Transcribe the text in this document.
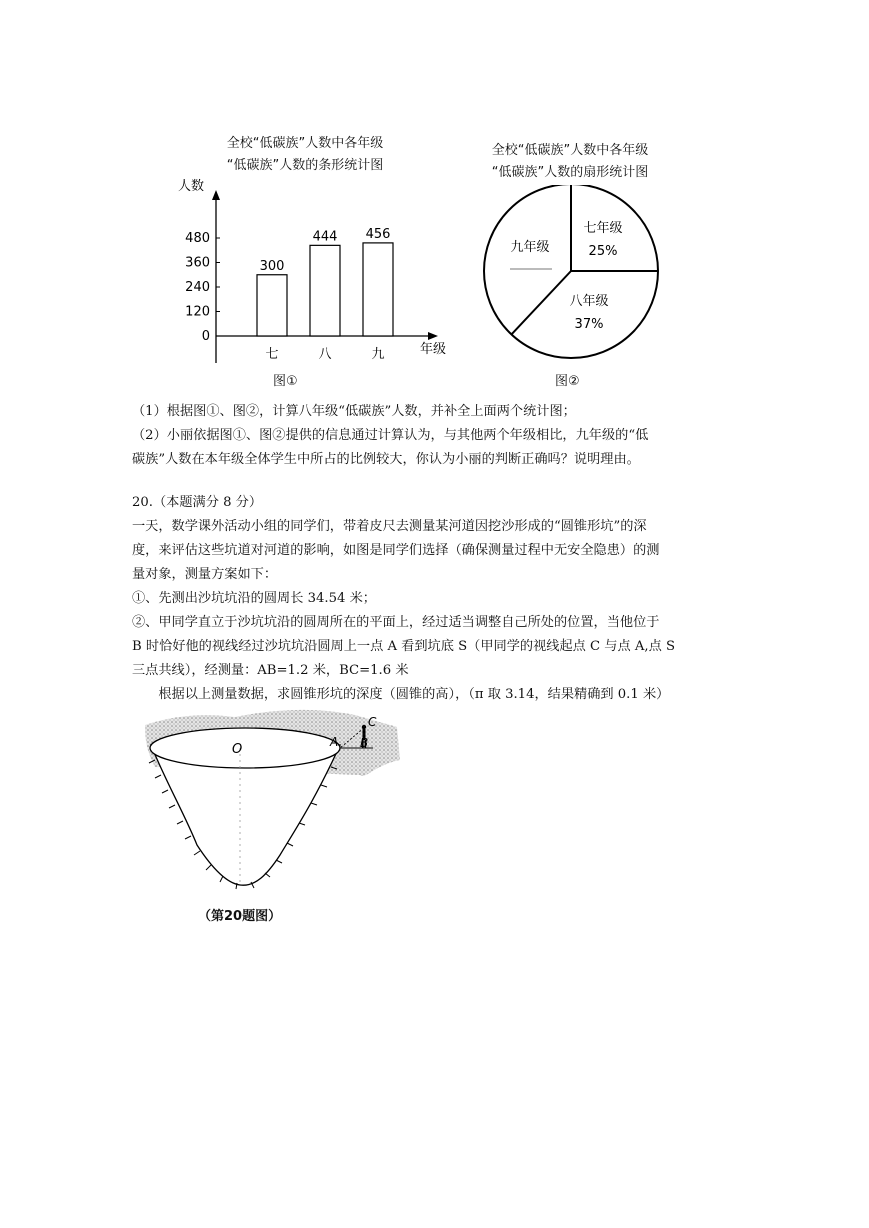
全校“低碳族”人数中各年级
“低碳族”人数的条形统计图
人数
0
120
240
360
480
300
七
444
八
456
九	年级
图①
全校“低碳族”人数中各年级
“低碳族”人数的扇形统计图
七年级
25%
八年级
37%
九年级
图②
（1）根据图①、图②，计算八年级“低碳族”人数，并补全上面两个统计图；
（2）小丽依据图①、图②提供的信息通过计算认为，与其他两个年级相比，九年级的“低
碳族”人数在本年级全体学生中所占的比例较大，你认为小丽的判断正确吗？说明理由。
20.（本题满分 8 分）
一天，数学课外活动小组的同学们，带着皮尺去测量某河道因挖沙形成的“圆锥形坑”的深
度，来评估这些坑道对河道的影响，如图是同学们选择（确保测量过程中无安全隐患）的测
量对象，测量方案如下：
①、先测出沙坑坑沿的圆周长 34.54 米；
②、甲同学直立于沙坑坑沿的圆周所在的平面上，经过适当调整自己所处的位置，当他位于
B 时恰好他的视线经过沙坑坑沿圆周上一点 A 看到坑底 S（甲同学的视线起点 C 与点 A,点 S
三点共线），经测量：AB=1.2 米，BC=1.6 米
　　根据以上测量数据，求圆锥形坑的深度（圆锥的高），（π 取 3.14，结果精确到 0.1 米）
O	A B
C
（第20题图）
